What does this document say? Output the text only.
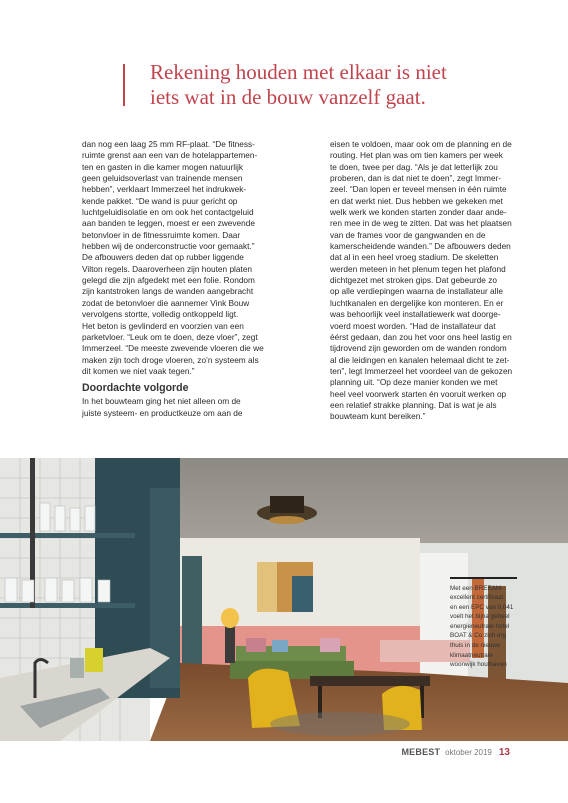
Rekening houden met elkaar is niet
iets wat in de bouw vanzelf gaat.

dan nog een laag 25 mm RF-plaat. “De fitness-
ruimte grenst aan een van de hotelappartemen-
ten en gasten in die kamer mogen natuurlijk
geen geluidsoverlast van trainende mensen
hebben”, verklaart Immerzeel het indrukwek-
kende pakket. “De wand is puur gericht op
luchtgeluidisolatie en om ook het contactgeluid
aan banden te leggen, moest er een zwevende
betonvloer in de fitnessruimte komen. Daar
hebben wij de onderconstructie voor gemaakt.”
De afbouwers deden dat op rubber liggende
Vilton regels. Daaroverheen zijn houten platen
gelegd die zijn afgedekt met een folie. Rondom
zijn kantstroken langs de wanden aangebracht
zodat de betonvloer die aannemer Vink Bouw
vervolgens stortte, volledig ontkoppeld ligt.
Het beton is gevlinderd en voorzien van een
parketvloer. “Leuk om te doen, deze vloer”, zegt
Immerzeel. “De meeste zwevende vloeren die we
maken zijn toch droge vloeren, zo’n systeem als
dit komen we niet vaak tegen.”

Doordachte volgorde

In het bouwteam ging het niet alleen om de
juiste systeem- en productkeuze om aan de

eisen te voldoen, maar ook om de planning en de
routing. Het plan was om tien kamers per week
te doen, twee per dag. “Als je dat letterlijk zou
proberen, dan is dat niet te doen”, zegt Immer-
zeel. “Dan lopen er teveel mensen in één ruimte
en dat werkt niet. Dus hebben we gekeken met
welk werk we konden starten zonder daar ande-
ren mee in de weg te zitten. Dat was het plaatsen
van de frames voor de gangwanden en de
kamerscheidende wanden.” De afbouwers deden
dat al in een heel vroeg stadium. De skeletten
werden meteen in het plenum tegen het plafond
dichtgezet met stroken gips. Dat gebeurde zo
op alle verdiepingen waarna de installateur alle
luchtkanalen en dergelijke kon monteren. En er
was behoorlijk veel installatiewerk wat doorge-
voerd moest worden. “Had de installateur dat
éérst gedaan, dan zou het voor ons heel lastig en
tijdrovend zijn geworden om de wanden rondom
al die leidingen en kanalen helemaal dicht te zet-
ten”, legt Immerzeel het voordeel van de gekozen
planning uit. “Op deze manier konden we met
heel veel voorwerk starten én vooruit werken op
een relatief strakke planning. Dat is wat je als
bouwteam kunt bereiken.”

Met een BREEAM-
excellent certificaat
en een EPC van 0,041
voelt het bijna geheel
energieneutrale hotel
BOAT & Co zich erg
thuis in de nieuwe
klimaatneutrale
woonwijk houthaven

MEBEST oktober 2019 13
